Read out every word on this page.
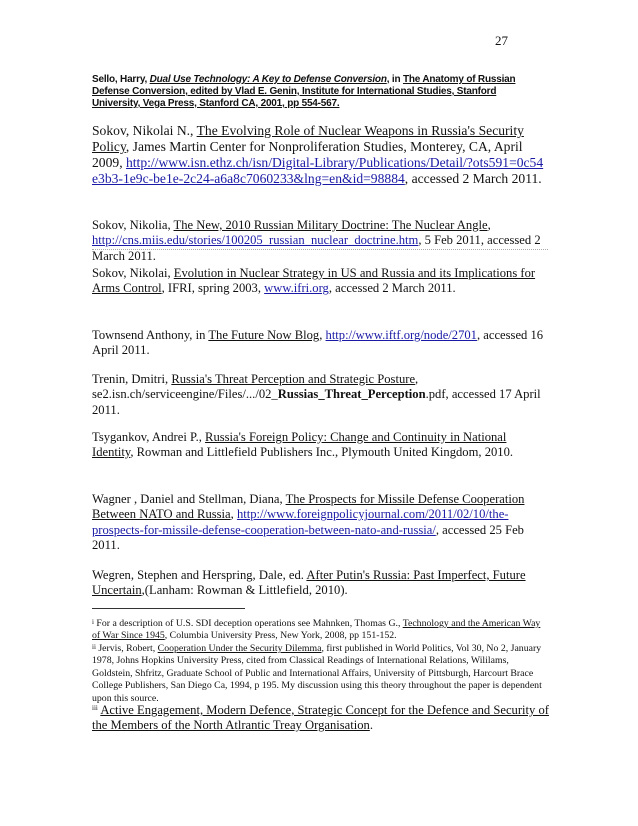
27
Sello, Harry, Dual Use Technology: A Key to Defense Conversion, in The Anatomy of Russian Defense Conversion, edited by Vlad E. Genin, Institute for International Studies, Stanford University, Vega Press, Stanford CA, 2001, pp 554-567.
Sokov, Nikolai N., The Evolving Role of Nuclear Weapons in Russia's Security Policy, James Martin Center for Nonproliferation Studies, Monterey, CA, April 2009, http://www.isn.ethz.ch/isn/Digital-Library/Publications/Detail/?ots591=0c54e3b3-1e9c-be1e-2c24-a6a8c7060233&lng=en&id=98884, accessed 2 March 2011.
Sokov, Nikolia, The New, 2010 Russian Military Doctrine: The Nuclear Angle, http://cns.miis.edu/stories/100205_russian_nuclear_doctrine.htm, 5 Feb 2011, accessed 2 March 2011.
Sokov, Nikolai, Evolution in Nuclear Strategy in US and Russia and its Implications for Arms Control, IFRI, spring 2003, www.ifri.org, accessed 2 March 2011.
Townsend Anthony, in The Future Now Blog, http://www.iftf.org/node/2701, accessed 16 April 2011.
Trenin, Dmitri, Russia's Threat Perception and Strategic Posture, se2.isn.ch/serviceengine/Files/.../02_Russias_Threat_Perception.pdf, accessed 17 April 2011.
Tsygankov, Andrei P., Russia's Foreign Policy: Change and Continuity in National Identity, Rowman and Littlefield Publishers Inc., Plymouth United Kingdom, 2010.
Wagner , Daniel and Stellman, Diana, The Prospects for Missile Defense Cooperation Between NATO and Russia, http://www.foreignpolicyjournal.com/2011/02/10/the-prospects-for-missile-defense-cooperation-between-nato-and-russia/, accessed 25 Feb 2011.
Wegren, Stephen and Herspring, Dale, ed. After Putin's Russia: Past Imperfect, Future Uncertain,(Lanham: Rowman & Littlefield, 2010).
$^i$ For a description of U.S. SDI deception operations see Mahnken, Thomas G., Technology and the American Way of War Since 1945, Columbia University Press, New York, 2008, pp 151-152.
$^{ii}$ Jervis, Robert, Cooperation Under the Security Dilemma, first published in World Politics, Vol 30, No 2, January 1978, Johns Hopkins University Press, cited from Classical Readings of International Relations, Wililams, Goldstein, Shfritz, Graduate School of Public and International Affairs, University of Pittsburgh, Harcourt Brace College Publishers, San Diego Ca, 1994, p 195. My discussion using this theory throughout the paper is dependent upon this source.
$^{iii}$ Active Engagement, Modern Defence, Strategic Concept for the Defence and Security of the Members of the North Atlrantic Treay Organisation.
